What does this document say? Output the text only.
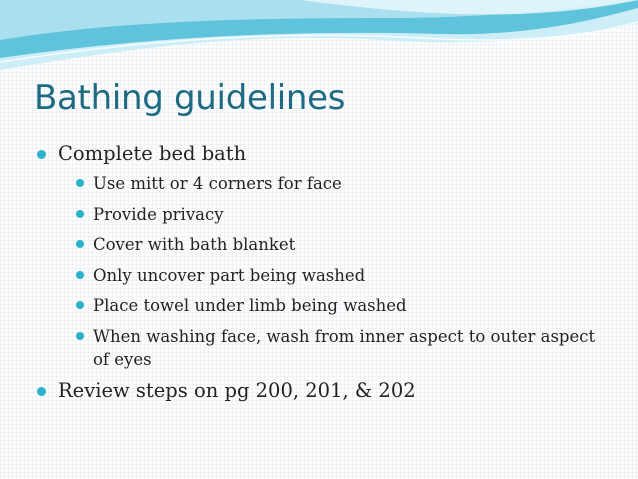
Bathing guidelines
Complete bed bath
Use mitt or 4 corners for face
Provide privacy
Cover with bath blanket
Only uncover part being washed
Place towel under limb being washed
When washing face, wash from inner aspect to outer aspect of eyes
Review steps on pg 200, 201, & 202
